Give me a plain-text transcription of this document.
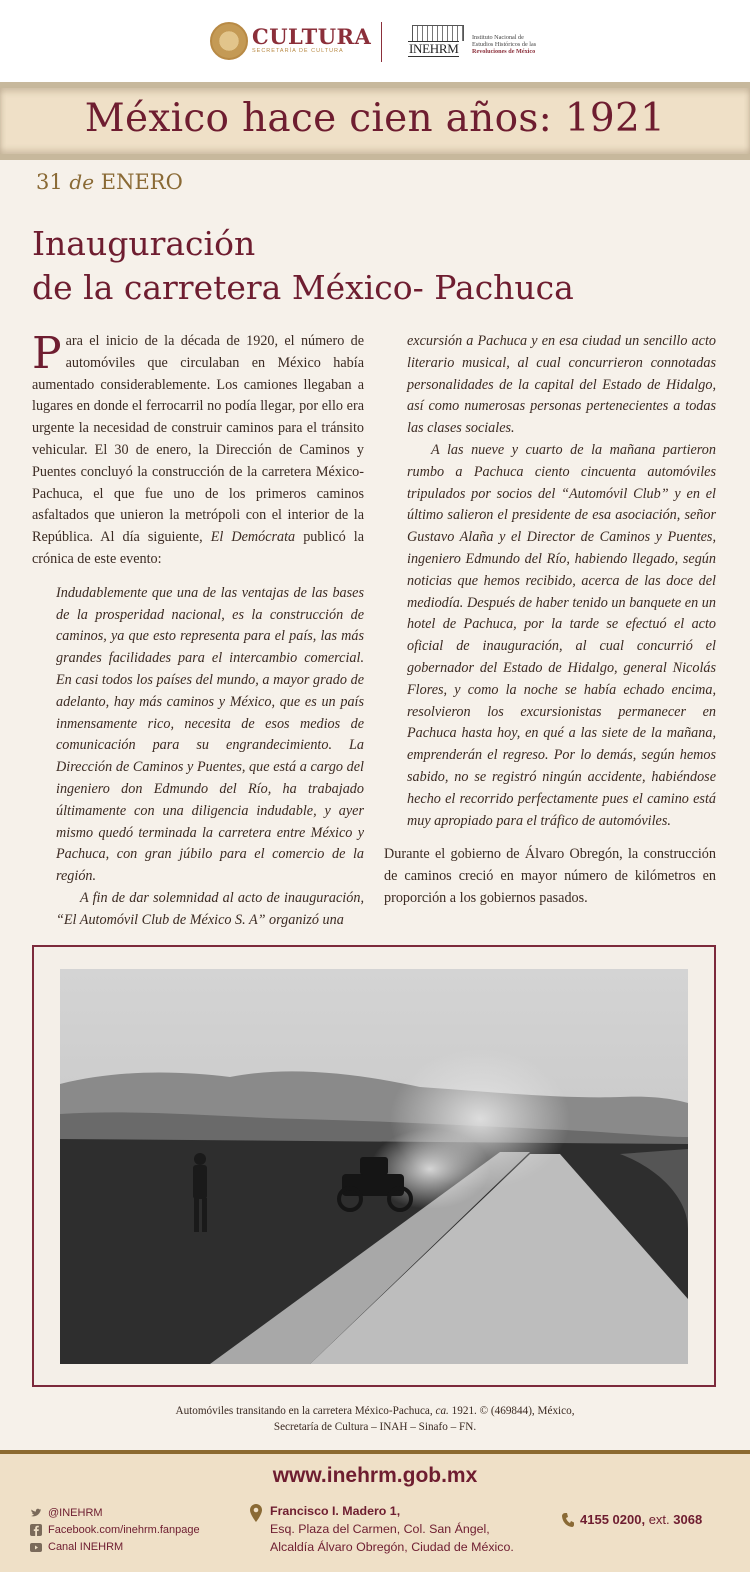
CULTURA
SECRETARÍA DE CULTURA	INEHRM
Instituto Nacional de
Estudios Históricos de las
Revoluciones de México
México hace cien años: 1921
31 de ENERO
Inauguración
de la carretera México- Pachuca

Para el inicio de la década de 1920, el número de automóviles que circulaban en México había aumentado considerablemente. Los camiones llegaban a lugares en donde el ferrocarril no podía llegar, por ello era urgente la necesidad de construir caminos para el tránsito vehicular. El 30 de enero, la Dirección de Caminos y Puentes concluyó la construcción de la carretera México- Pachuca, el que fue uno de los primeros caminos asfaltados que unieron la metrópoli con el interior de la República. Al día siguiente, El Demócrata publicó la crónica de este evento:

Indudablemente que una de las ventajas de las bases de la prosperidad nacional, es la construcción de caminos, ya que esto representa para el país, las más grandes facilidades para el intercambio comercial. En casi todos los países del mundo, a mayor grado de adelanto, hay más caminos y México, que es un país inmensamente rico, necesita de esos medios de comunicación para su engrandecimiento. La Dirección de Caminos y Puentes, que está a cargo del ingeniero don Edmundo del Río, ha trabajado últimamente con una diligencia indudable, y ayer mismo quedó terminada la carretera entre México y Pachuca, con gran júbilo para el comercio de la región.

A fin de dar solemnidad al acto de inauguración, “El Automóvil Club de México S. A” organizó una

excursión a Pachuca y en esa ciudad un sencillo acto literario musical, al cual concurrieron connotadas personalidades de la capital del Estado de Hidalgo, así como numerosas personas pertenecientes a todas las clases sociales.

A las nueve y cuarto de la mañana partieron rumbo a Pachuca ciento cincuenta automóviles tripulados por socios del “Automóvil Club” y en el último salieron el presidente de esa asociación, señor Gustavo Alaña y el Director de Caminos y Puentes, ingeniero Edmundo del Río, habiendo llegado, según noticias que hemos recibido, acerca de las doce del mediodía. Después de haber tenido un banquete en un hotel de Pachuca, por la tarde se efectuó el acto oficial de inauguración, al cual concurrió el gobernador del Estado de Hidalgo, general Nicolás Flores, y como la noche se había echado encima, resolvieron los excursionistas permanecer en Pachuca hasta hoy, en qué a las siete de la mañana, emprenderán el regreso. Por lo demás, según hemos sabido, no se registró ningún accidente, habiéndose hecho el recorrido perfectamente pues el camino está muy apropiado para el tráfico de automóviles.

Durante el gobierno de Álvaro Obregón, la construcción de caminos creció en mayor número de kilómetros en proporción a los gobiernos pasados.

Automóviles transitando en la carretera México-Pachuca, ca. 1921. © (469844), México,
Secretaría de Cultura – INAH – Sinafo – FN.
www.inehrm.gob.mx
@INEHRM
Facebook.com/inehrm.fanpage
Canal INEHRM
Francisco I. Madero 1,
Esq. Plaza del Carmen, Col. San Ángel,
Alcaldía Álvaro Obregón, Ciudad de México.
4155 0200, ext. 3068
